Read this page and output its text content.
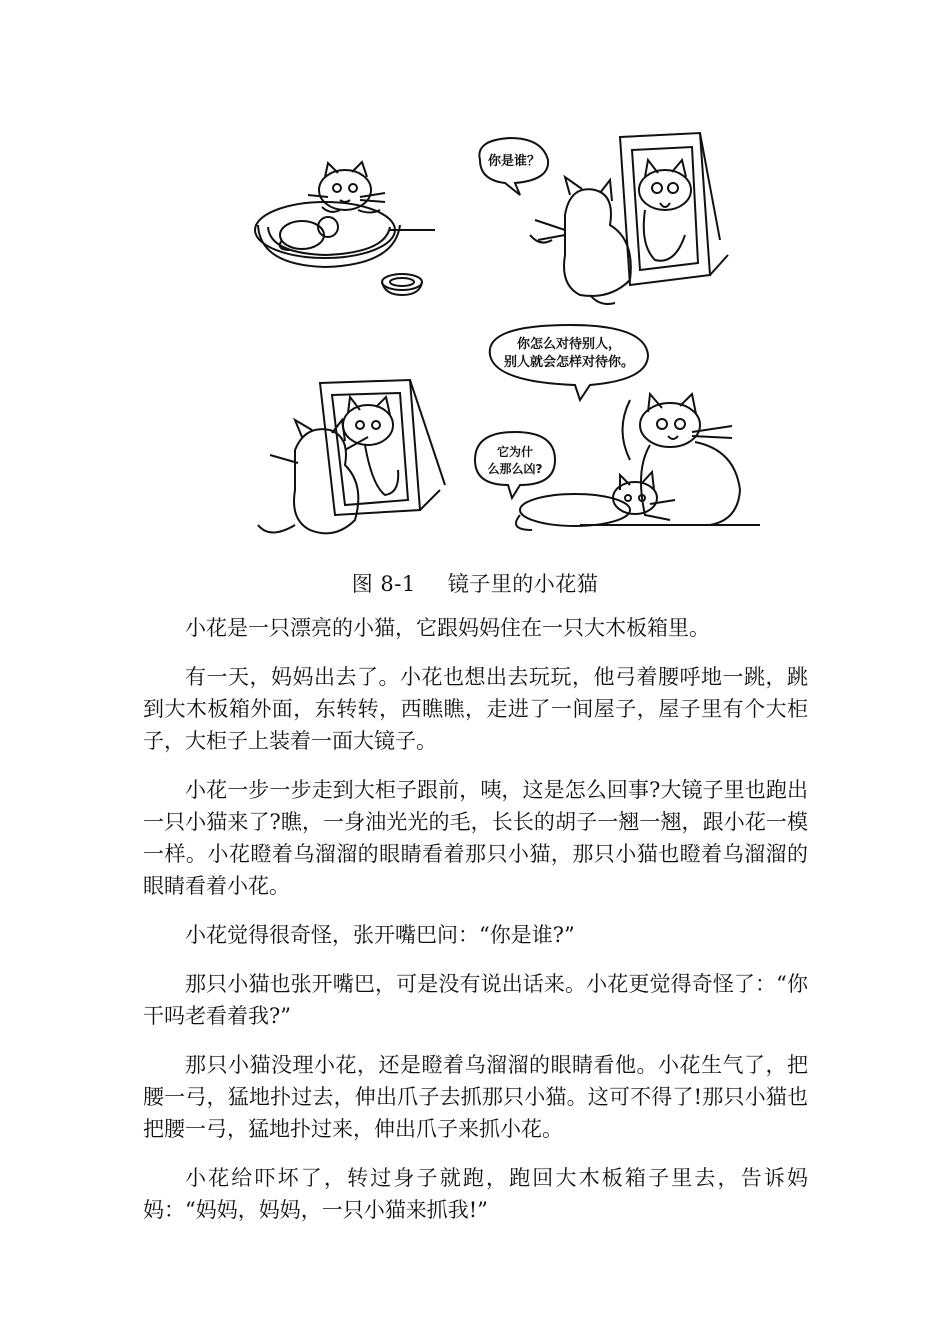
你是谁？
你怎么对待别人，
别人就会怎样对待你。
它为什
么那么凶?
图 8-1 镜子里的小花猫

小花是一只漂亮的小猫，它跟妈妈住在一只大木板箱里。

有一天，妈妈出去了。小花也想出去玩玩，他弓着腰呼地一跳，跳到大木板箱外面，东转转，西瞧瞧，走进了一间屋子，屋子里有个大柜子，大柜子上装着一面大镜子。

小花一步一步走到大柜子跟前，咦，这是怎么回事?大镜子里也跑出一只小猫来了?瞧，一身油光光的毛，长长的胡子一翘一翘，跟小花一模一样。小花瞪着乌溜溜的眼睛看着那只小猫，那只小猫也瞪着乌溜溜的眼睛看着小花。

小花觉得很奇怪，张开嘴巴问：“你是谁?”

那只小猫也张开嘴巴，可是没有说出话来。小花更觉得奇怪了：“你干吗老看着我?”

那只小猫没理小花，还是瞪着乌溜溜的眼睛看他。小花生气了，把腰一弓，猛地扑过去，伸出爪子去抓那只小猫。这可不得了!那只小猫也把腰一弓，猛地扑过来，伸出爪子来抓小花。

小花给吓坏了，转过身子就跑，跑回大木板箱子里去，告诉妈妈：“妈妈，妈妈，一只小猫来抓我!”
